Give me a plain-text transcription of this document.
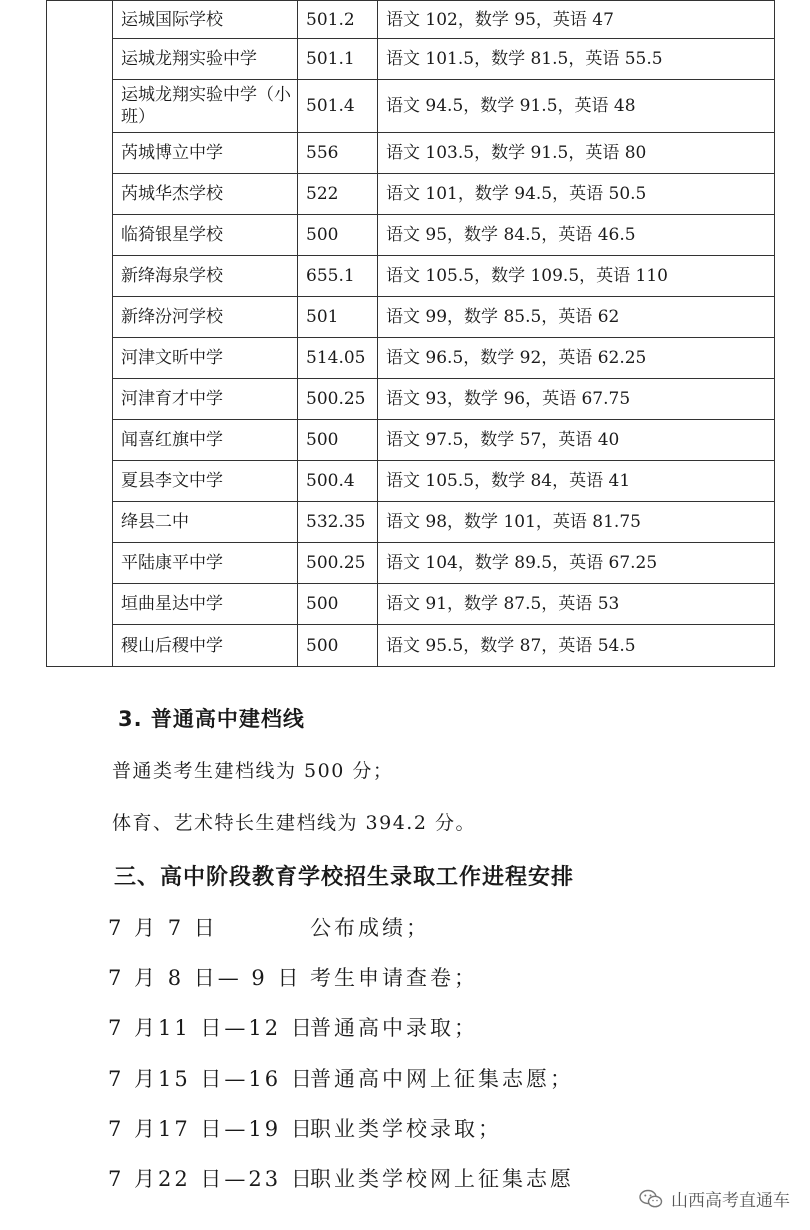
	运城国际学校	501.2	语文 102，数学 95，英语 47
	运城龙翔实验中学	501.1	语文 101.5，数学 81.5，英语 55.5
	运城龙翔实验中学（小班）	501.4	语文 94.5，数学 91.5，英语 48
	芮城博立中学	556	语文 103.5，数学 91.5，英语 80
	芮城华杰学校	522	语文 101，数学 94.5，英语 50.5
	临猗银星学校	500	语文 95，数学 84.5，英语 46.5
	新绛海泉学校	655.1	语文 105.5，数学 109.5，英语 110
	新绛汾河学校	501	语文 99，数学 85.5，英语 62
	河津文昕中学	514.05	语文 96.5，数学 92，英语 62.25
	河津育才中学	500.25	语文 93，数学 96，英语 67.75
	闻喜红旗中学	500	语文 97.5，数学 57，英语 40
	夏县李文中学	500.4	语文 105.5，数学 84，英语 41
	绛县二中	532.35	语文 98，数学 101，英语 81.75
	平陆康平中学	500.25	语文 104，数学 89.5，英语 67.25
	垣曲星达中学	500	语文 91，数学 87.5，英语 53
	稷山后稷中学	500	语文 95.5，数学 87，英语 54.5
3. 普通高中建档线
普通类考生建档线为 500 分；
体育、艺术特长生建档线为 394.2 分。
三、高中阶段教育学校招生录取工作进程安排
7 月 7 日	公布成绩；
7 月 8 日— 9 日 考生申请查卷；
7 月11 日—12 日
普通高中录取；
7 月15 日—16 日
普通高中网上征集志愿；
7 月17 日—19 日
职业类学校录取；
7 月22 日—23 日
职业类学校网上征集志愿
山西高考直通车
